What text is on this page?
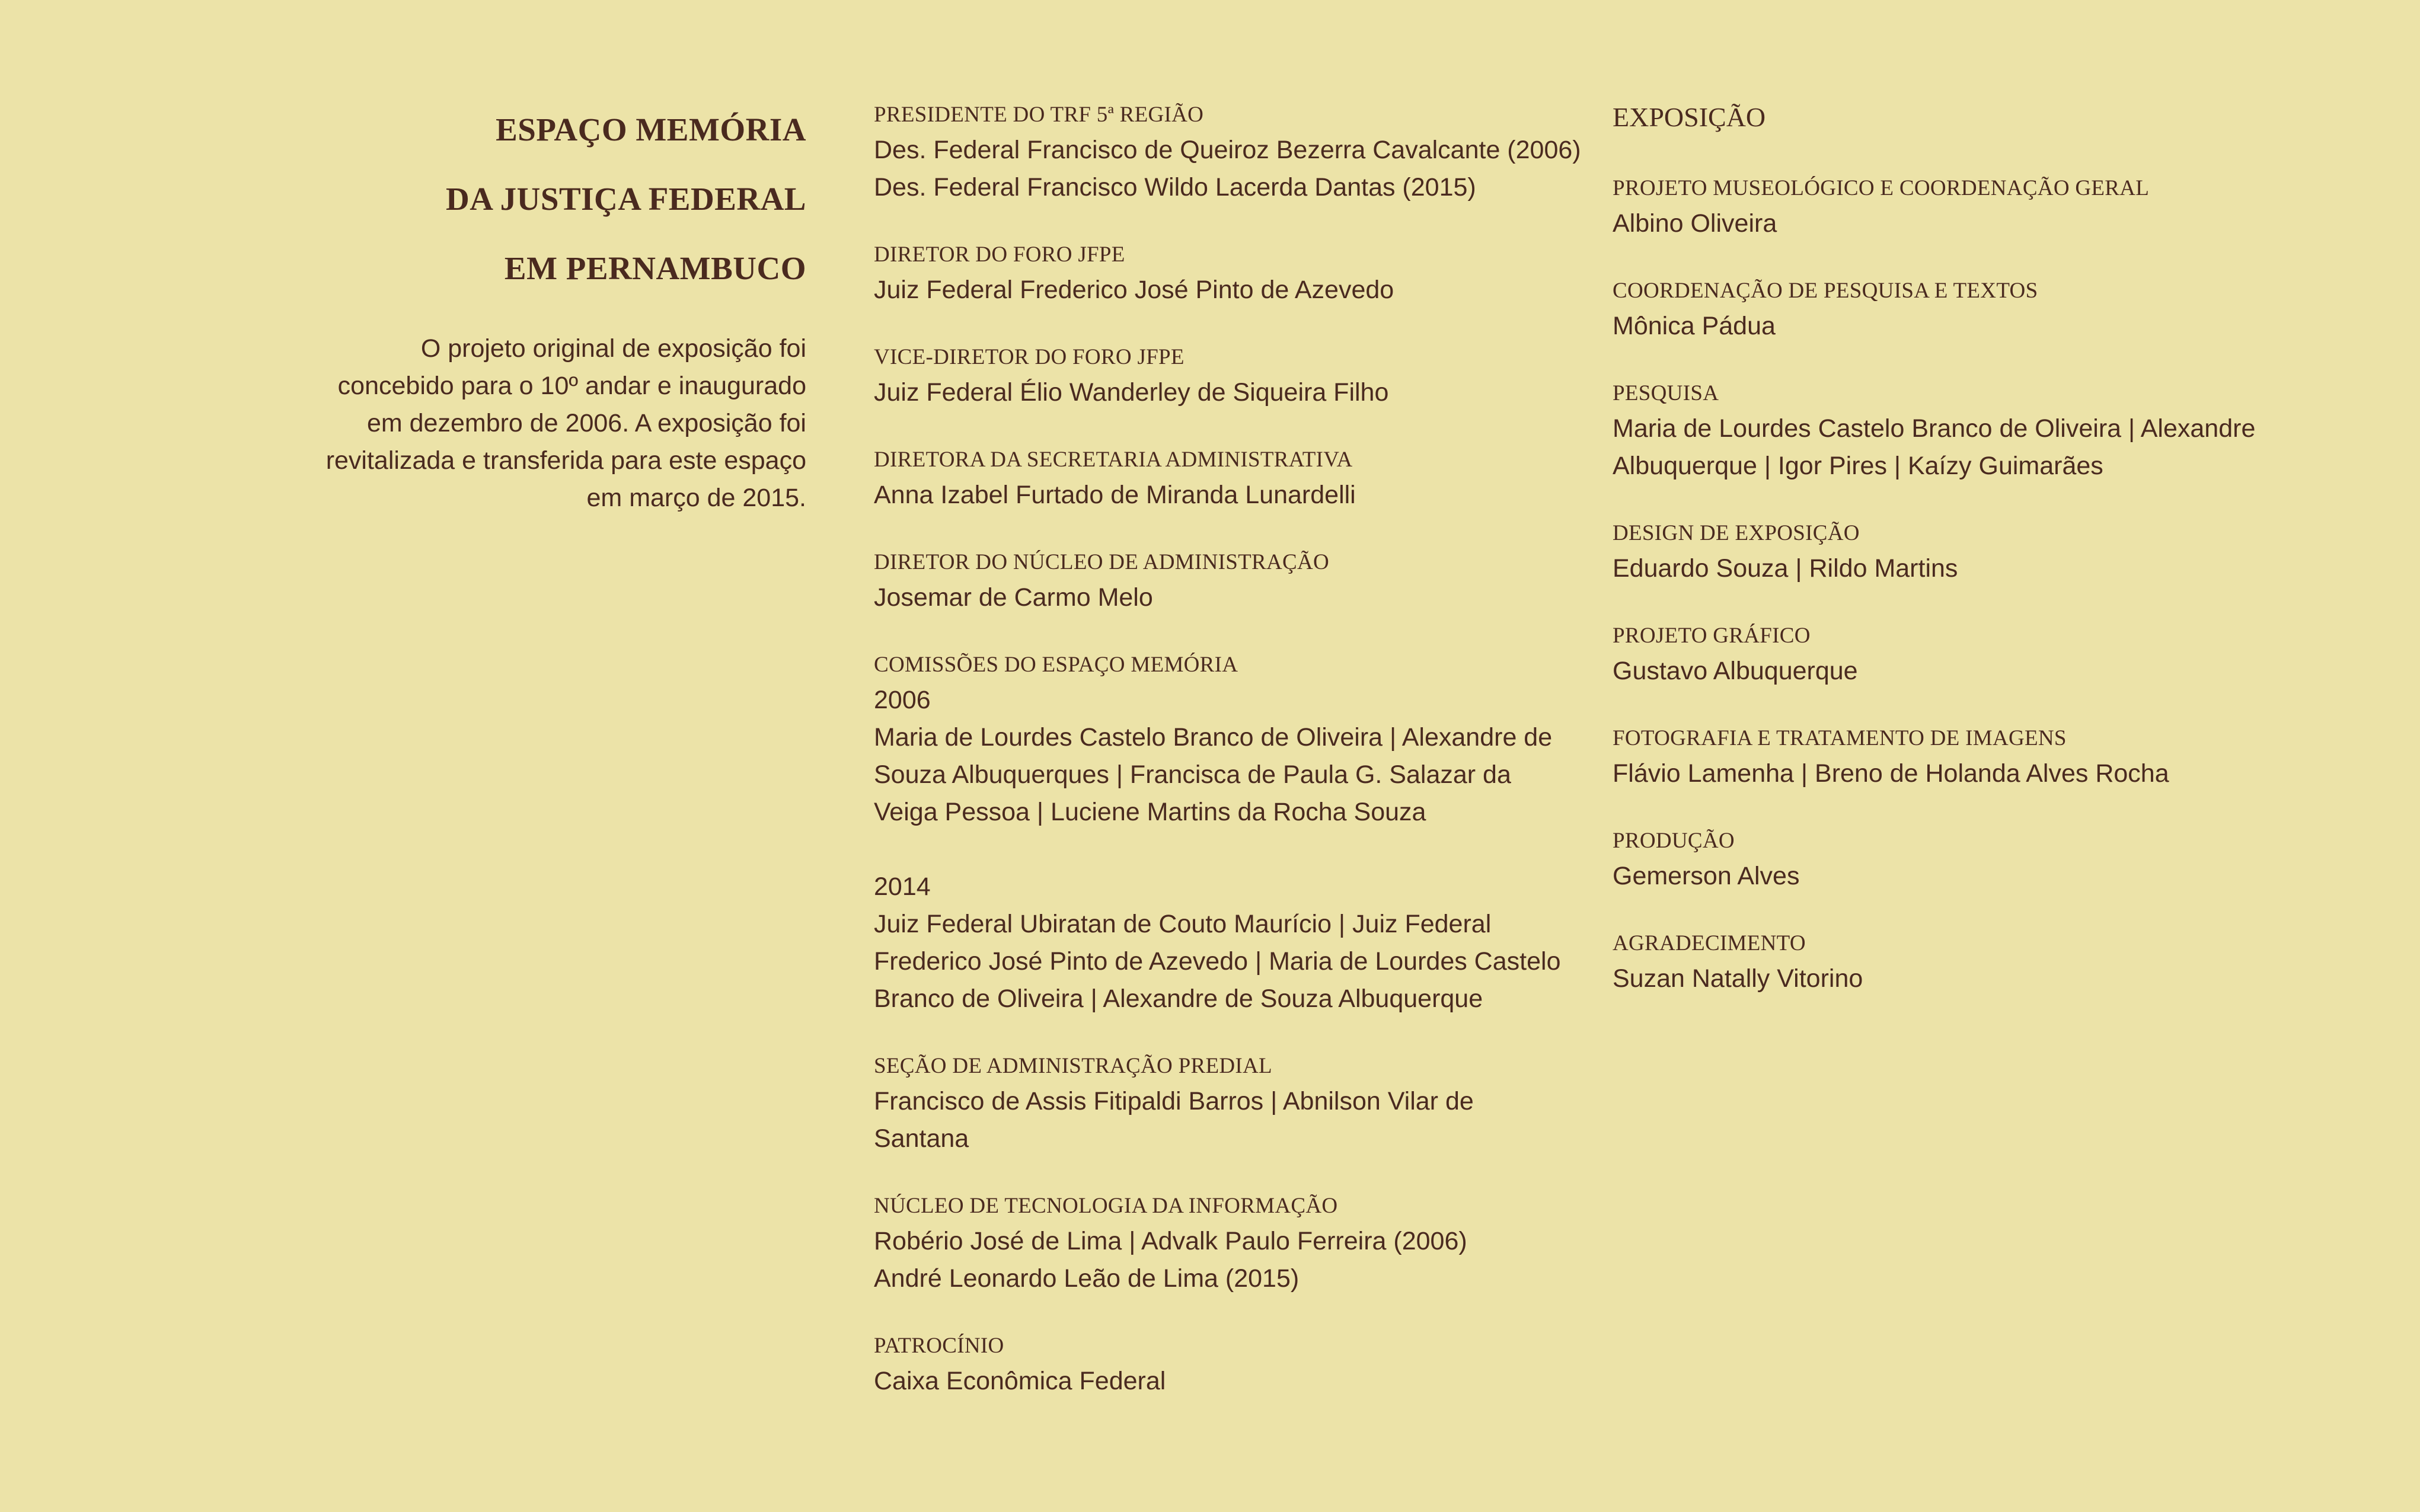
ESPAÇO MEMÓRIA
DA JUSTIÇA FEDERAL
EM PERNAMBUCO
O projeto original de exposição foi
concebido para o 10º andar e inaugurado
em dezembro de 2006. A exposição foi
revitalizada e transferida para este espaço
em março de 2015.
PRESIDENTE DO TRF 5ª REGIÃO
Des. Federal Francisco de Queiroz Bezerra Cavalcante (2006)
Des. Federal Francisco Wildo Lacerda Dantas (2015)
DIRETOR DO FORO JFPE
Juiz Federal Frederico José Pinto de Azevedo
VICE-DIRETOR DO FORO JFPE
Juiz Federal Élio Wanderley de Siqueira Filho
DIRETORA DA SECRETARIA ADMINISTRATIVA
Anna Izabel Furtado de Miranda Lunardelli
DIRETOR DO NÚCLEO DE ADMINISTRAÇÃO
Josemar de Carmo Melo
COMISSÕES DO ESPAÇO MEMÓRIA
2006
Maria de Lourdes Castelo Branco de Oliveira | Alexandre de
Souza Albuquerques | Francisca de Paula G. Salazar da
Veiga Pessoa | Luciene Martins da Rocha Souza
2014
Juiz Federal Ubiratan de Couto Maurício | Juiz Federal
Frederico José Pinto de Azevedo | Maria de Lourdes Castelo
Branco de Oliveira | Alexandre de Souza Albuquerque
SEÇÃO DE ADMINISTRAÇÃO PREDIAL
Francisco de Assis Fitipaldi Barros | Abnilson Vilar de
Santana
NÚCLEO DE TECNOLOGIA DA INFORMAÇÃO
Robério José de Lima | Advalk Paulo Ferreira (2006)
André Leonardo Leão de Lima (2015)
PATROCÍNIO
Caixa Econômica Federal
EXPOSIÇÃO
PROJETO MUSEOLÓGICO E COORDENAÇÃO GERAL
Albino Oliveira
COORDENAÇÃO DE PESQUISA E TEXTOS
Mônica Pádua
PESQUISA
Maria de Lourdes Castelo Branco de Oliveira | Alexandre
Albuquerque | Igor Pires | Kaízy Guimarães
DESIGN DE EXPOSIÇÃO
Eduardo Souza | Rildo Martins
PROJETO GRÁFICO
Gustavo Albuquerque
FOTOGRAFIA E TRATAMENTO DE IMAGENS
Flávio Lamenha | Breno de Holanda Alves Rocha
PRODUÇÃO
Gemerson Alves
AGRADECIMENTO
Suzan Natally Vitorino
